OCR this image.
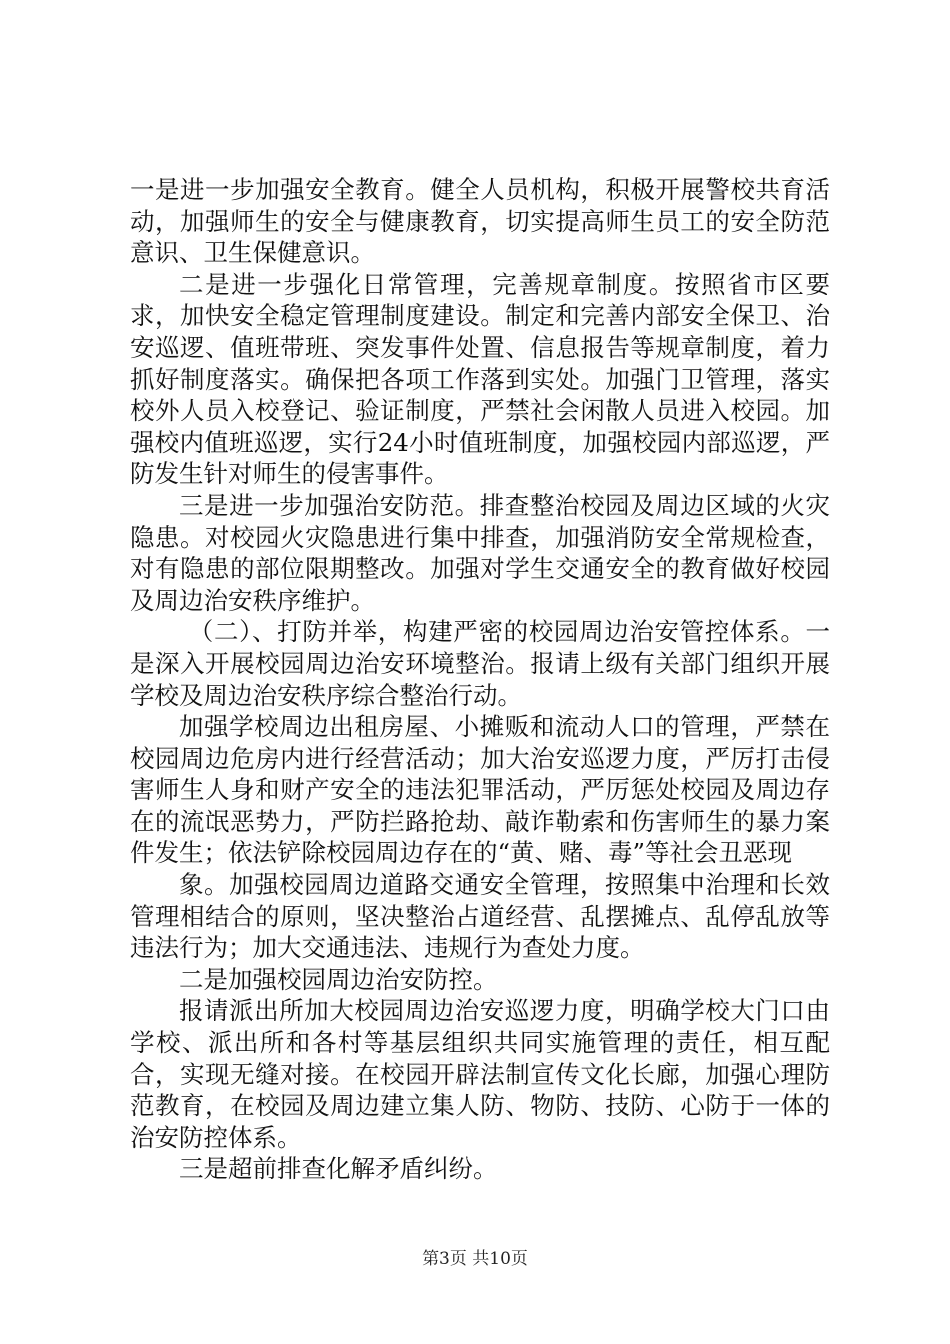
一是进一步加强安全教育。健全人员机构，积极开展警校共育活动，加强师生的安全与健康教育，切实提高师生员工的安全防范意识、卫生保健意识。

二是进一步强化日常管理，完善规章制度。按照省市区要求，加快安全稳定管理制度建设。制定和完善内部安全保卫、治安巡逻、值班带班、突发事件处置、信息报告等规章制度，着力抓好制度落实。确保把各项工作落到实处。加强门卫管理，落实校外人员入校登记、验证制度，严禁社会闲散人员进入校园。加强校内值班巡逻，实行24小时值班制度，加强校园内部巡逻，严防发生针对师生的侵害事件。

三是进一步加强治安防范。排查整治校园及周边区域的火灾隐患。对校园火灾隐患进行集中排查，加强消防安全常规检查，对有隐患的部位限期整改。加强对学生交通安全的教育做好校园及周边治安秩序维护。

（二）、打防并举，构建严密的校园周边治安管控体系。一是深入开展校园周边治安环境整治。报请上级有关部门组织开展学校及周边治安秩序综合整治行动。

加强学校周边出租房屋、小摊贩和流动人口的管理，严禁在校园周边危房内进行经营活动；加大治安巡逻力度，严厉打击侵害师生人身和财产安全的违法犯罪活动，严厉惩处校园及周边存在的流氓恶势力，严防拦路抢劫、敲诈勒索和伤害师生的暴力案件发生；依法铲除校园周边存在的“黄、赌、毒”等社会丑恶现

象。加强校园周边道路交通安全管理，按照集中治理和长效管理相结合的原则，坚决整治占道经营、乱摆摊点、乱停乱放等违法行为；加大交通违法、违规行为查处力度。

二是加强校园周边治安防控。

报请派出所加大校园周边治安巡逻力度，明确学校大门口由学校、派出所和各村等基层组织共同实施管理的责任，相互配合，实现无缝对接。在校园开辟法制宣传文化长廊，加强心理防范教育，在校园及周边建立集人防、物防、技防、心防于一体的治安防控体系。

三是超前排查化解矛盾纠纷。

第3页 共10页
